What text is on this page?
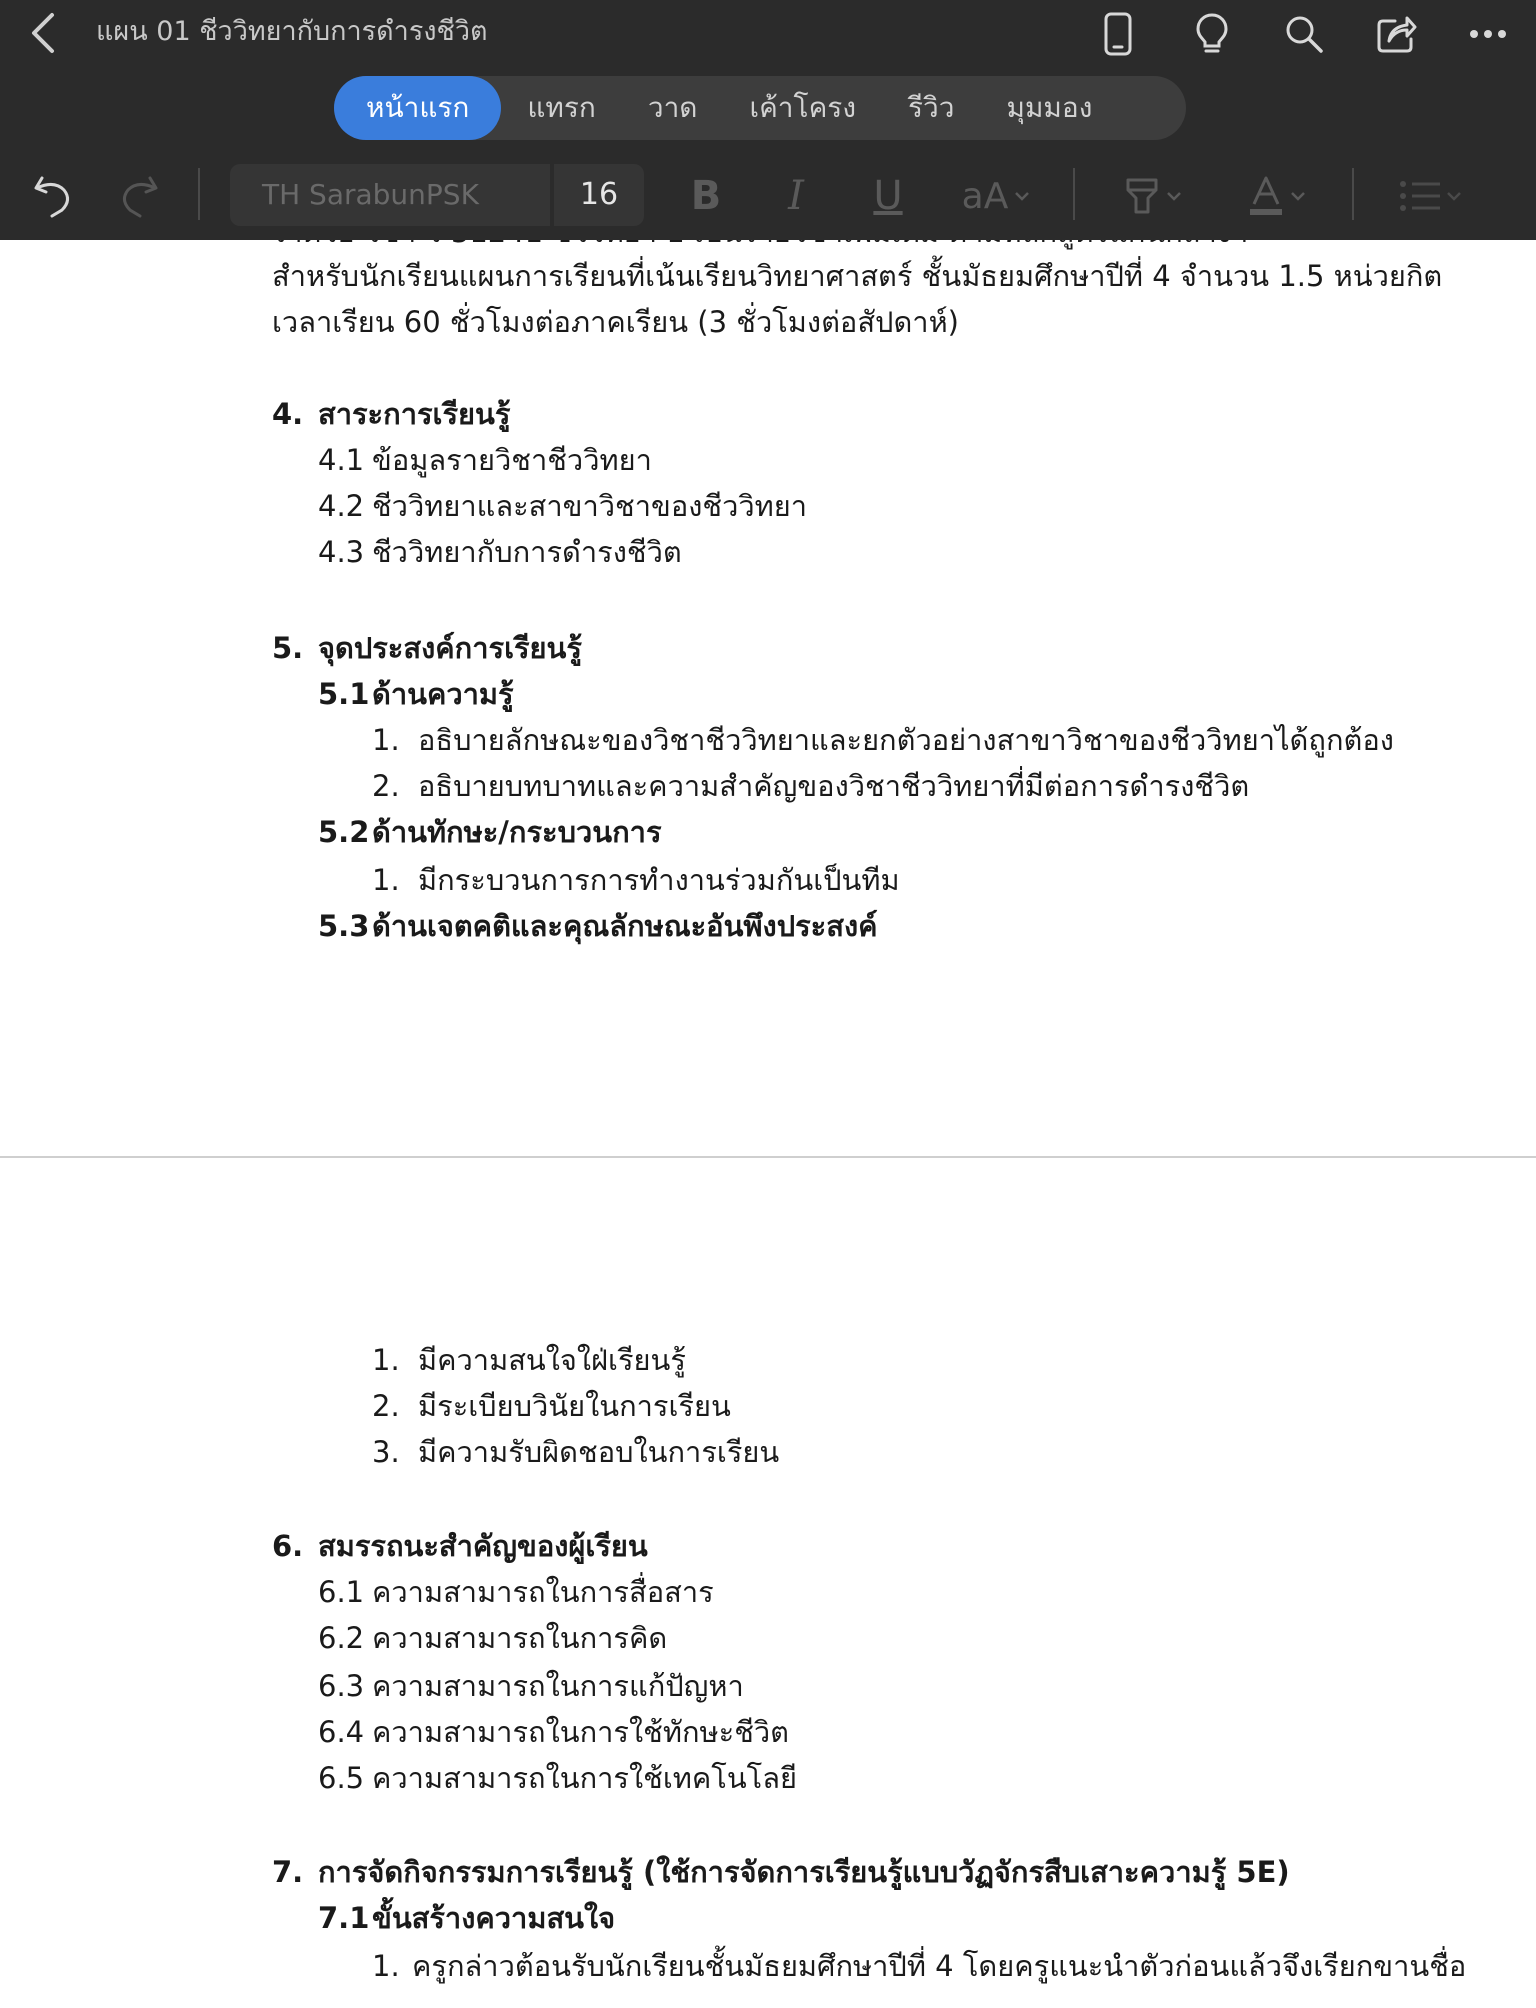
แผน 01 ชีววิทยากับการดำรงชีวิต
หน้าแรก	แทรก	วาด	เค้าโครง	รีวิว	มุมมอง
TH SarabunPSK	16	B I U aA
สำหรับนักเรียนแผนการเรียนที่เน้นเรียนวิทยาศาสตร์ ชั้นมัธยมศึกษาปีที่ 4 จำนวน 1.5 หน่วยกิต
เวลาเรียน 60 ชั่วโมงต่อภาคเรียน (3 ชั่วโมงต่อสัปดาห์)
4. สาระการเรียนรู้
4.1 ข้อมูลรายวิชาชีววิทยา
4.2 ชีววิทยาและสาขาวิชาของชีววิทยา
4.3 ชีววิทยากับการดำรงชีวิต
5. จุดประสงค์การเรียนรู้
5.1ด้านความรู้
1. อธิบายลักษณะของวิชาชีววิทยาและยกตัวอย่างสาขาวิชาของชีววิทยาได้ถูกต้อง
2. อธิบายบทบาทและความสำคัญของวิชาชีววิทยาที่มีต่อการดำรงชีวิต
5.2ด้านทักษะ/กระบวนการ
1. มีกระบวนการการทำงานร่วมกันเป็นทีม
5.3ด้านเจตคติและคุณลักษณะอันพึงประสงค์
1. มีความสนใจใฝ่เรียนรู้
2. มีระเบียบวินัยในการเรียน
3. มีความรับผิดชอบในการเรียน
6. สมรรถนะสำคัญของผู้เรียน
6.1 ความสามารถในการสื่อสาร
6.2 ความสามารถในการคิด
6.3 ความสามารถในการแก้ปัญหา
6.4 ความสามารถในการใช้ทักษะชีวิต
6.5 ความสามารถในการใช้เทคโนโลยี
7. การจัดกิจกรรมการเรียนรู้ (ใช้การจัดการเรียนรู้แบบวัฏจักรสืบเสาะความรู้ 5E)
7.1ขั้นสร้างความสนใจ
1. ครูกล่าวต้อนรับนักเรียนชั้นมัธยมศึกษาปีที่ 4 โดยครูแนะนำตัวก่อนแล้วจึงเรียกขานชื่อ
